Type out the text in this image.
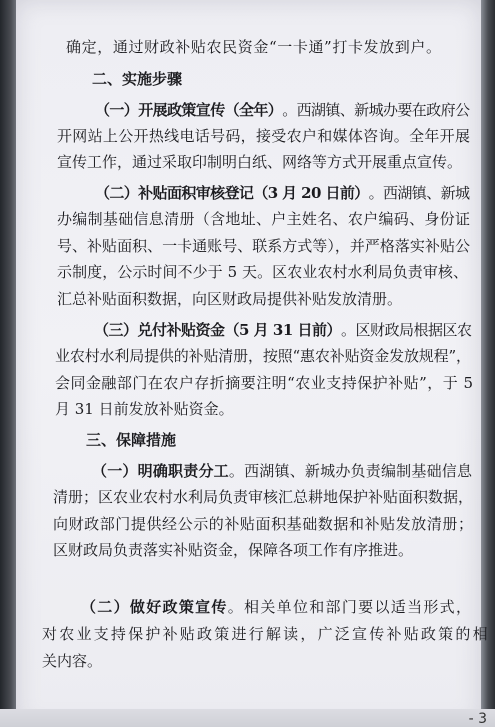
确定，通过财政补贴农民资金“一卡通”打卡发放到户。
二、实施步骤
（一）开展政策宣传（全年）。西湖镇、新城办要在政府公
开网站上公开热线电话号码，接受农户和媒体咨询。全年开展
宣传工作，通过采取印制明白纸、网络等方式开展重点宣传。
（二）补贴面积审核登记（3 月 20 日前）。西湖镇、新城
办编制基础信息清册（含地址、户主姓名、农户编码、身份证
号、补贴面积、一卡通账号、联系方式等），并严格落实补贴公
示制度，公示时间不少于 5 天。区农业农村水利局负责审核、
汇总补贴面积数据，向区财政局提供补贴发放清册。
（三）兑付补贴资金（5 月 31 日前）。区财政局根据区农
业农村水利局提供的补贴清册，按照“惠农补贴资金发放规程”，
会同金融部门在农户存折摘要注明“农业支持保护补贴”，于 5
月 31 日前发放补贴资金。
三、保障措施
（一）明确职责分工。西湖镇、新城办负责编制基础信息
清册；区农业农村水利局负责审核汇总耕地保护补贴面积数据，
向财政部门提供经公示的补贴面积基础数据和补贴发放清册；
区财政局负责落实补贴资金，保障各项工作有序推进。
（二）做好政策宣传。相关单位和部门要以适当形式，
对农业支持保护补贴政策进行解读，广泛宣传补贴政策的相
关内容。
- 3
